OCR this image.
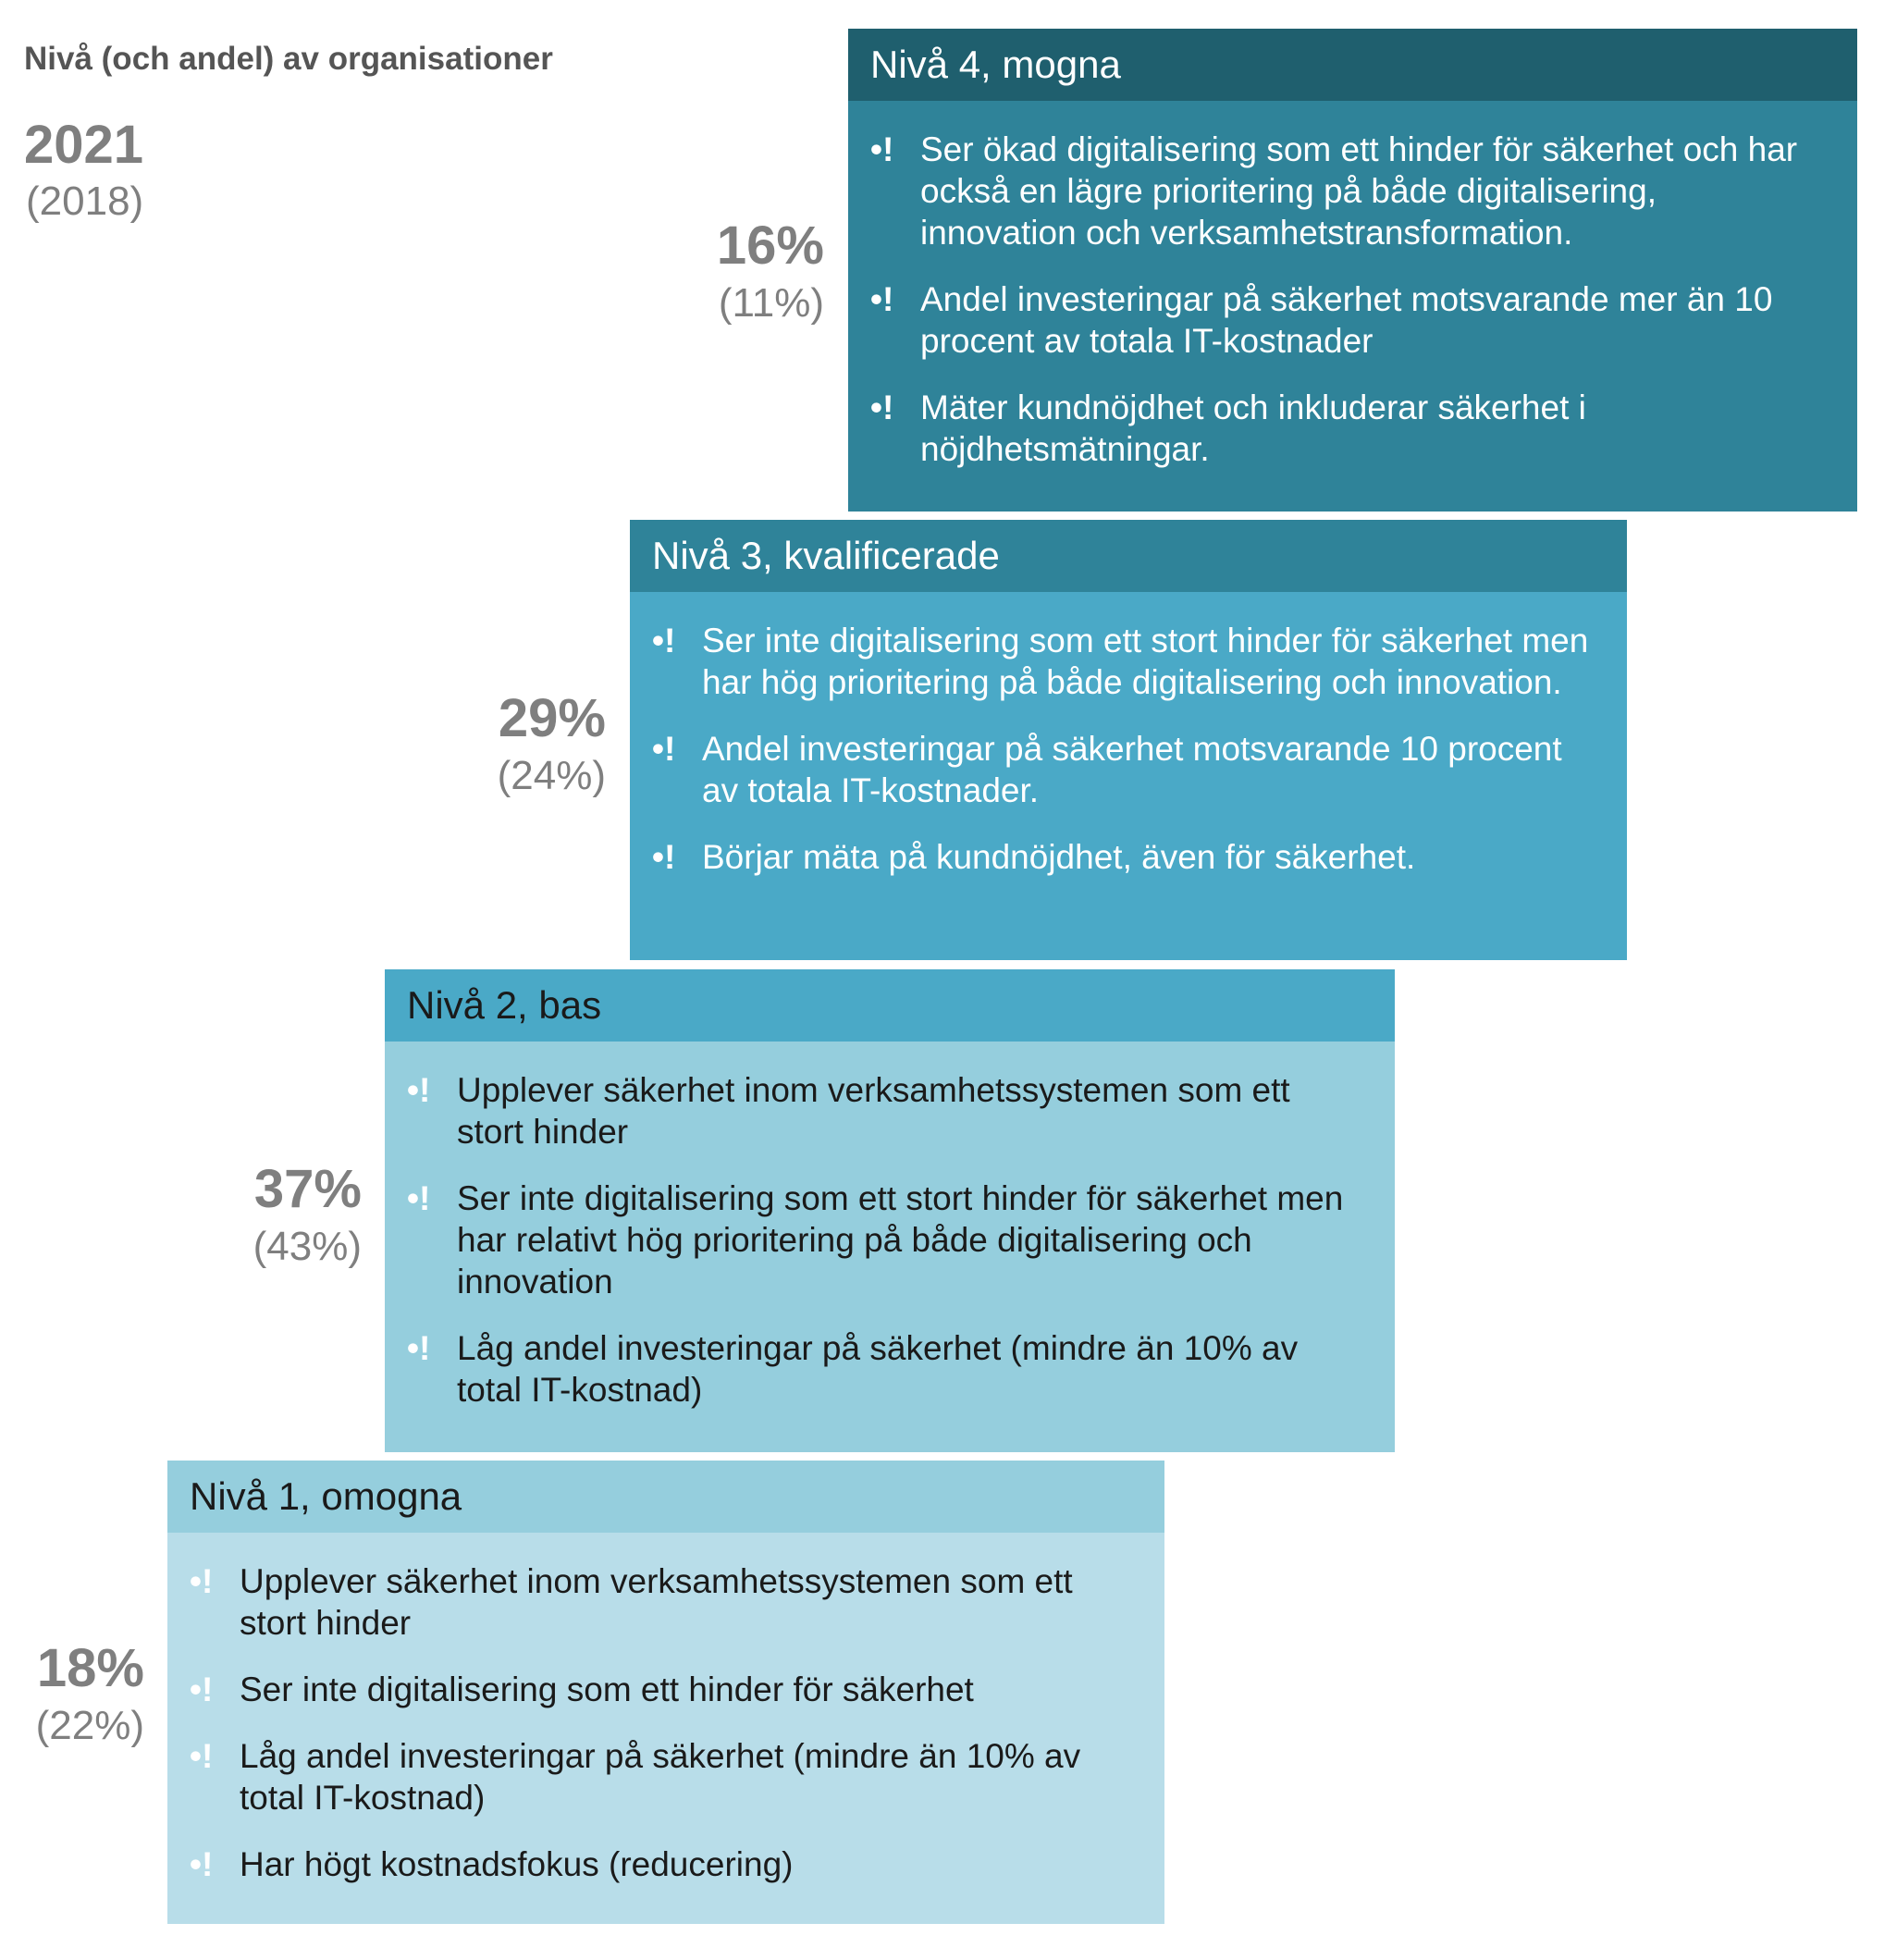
Nivå (och andel) av organisationer
2021
(2018)
16%
(11%)
Nivå 4, mogna
•! Ser ökad digitalisering som ett hinder för säkerhet och har också en lägre prioritering på både digitalisering, innovation och verksamhetstransformation.
•! Andel investeringar på säkerhet motsvarande mer än 10 procent av totala IT-kostnader
•! Mäter kundnöjdhet och inkluderar säkerhet i nöjdhetsmätningar.
29%
(24%)
Nivå 3, kvalificerade
•! Ser inte digitalisering som ett stort hinder för säkerhet men har hög prioritering på både digitalisering och innovation.
•! Andel investeringar på säkerhet motsvarande 10 procent av totala IT-kostnader.
•! Börjar mäta på kundnöjdhet, även för säkerhet.
37%
(43%)
Nivå 2, bas
•! Upplever säkerhet inom verksamhetssystemen som ett stort hinder
•! Ser inte digitalisering som ett stort hinder för säkerhet men har relativt hög prioritering på både digitalisering och innovation
•! Låg andel investeringar på säkerhet (mindre än 10% av total IT-kostnad)
18%
(22%)
Nivå 1, omogna
•! Upplever säkerhet inom verksamhetssystemen som ett stort hinder
•! Ser inte digitalisering som ett hinder för säkerhet
•! Låg andel investeringar på säkerhet (mindre än 10% av total IT-kostnad)
•! Har högt kostnadsfokus (reducering)
